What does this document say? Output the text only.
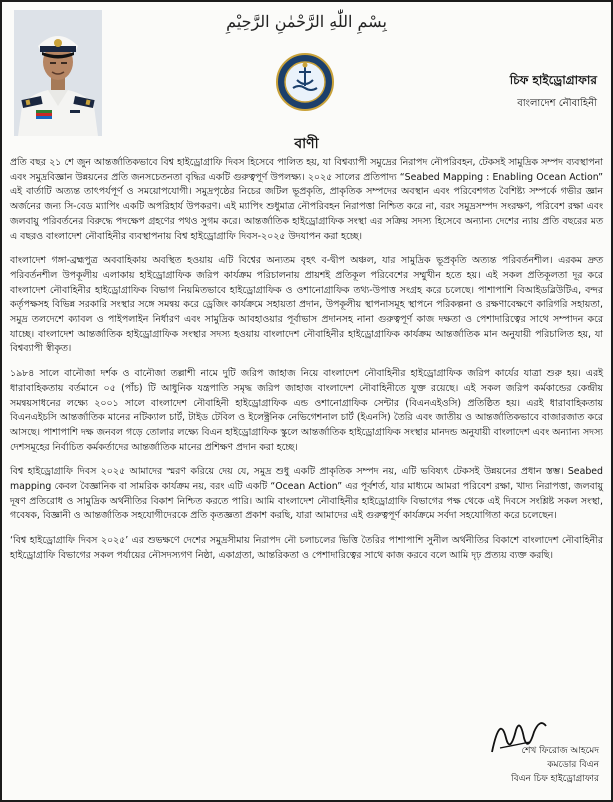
بِسْمِ اللّٰهِ الرَّحْمٰنِ الرَّحِيْمِ
চিফ হাইড্রোগ্রাফার
বাংলাদেশ নৌবাহিনী
বাণী

প্রতি বছর ২১ শে জুন আন্তর্জাতিকভাবে বিশ্ব হাইড্রোগ্রাফি দিবস হিসেবে পালিত হয়, যা বিশ্বব্যাপী সমুদ্রের নিরাপদ নৌপরিবহন, টেকসই সামুদ্রিক সম্পদ ব্যবস্থাপনা এবং সমুদ্রবিজ্ঞান উন্নয়নের প্রতি জনসচেতনতা বৃদ্ধির একটি গুরুত্বপূর্ণ উপলক্ষ্য। ২০২৫ সালের প্রতিপাদ্য “Seabed Mapping : Enabling Ocean Action” এই বার্তাটি অত্যন্ত তাৎপর্যপূর্ণ ও সময়োপযোগী। সমুদ্রপৃষ্ঠের নিচের জটিল ভূপ্রকৃতি, প্রাকৃতিক সম্পদের অবস্থান এবং পরিবেশগত বৈশিষ্ট্য সম্পর্কে গভীর জ্ঞান অর্জনের জন্য সি-বেড ম্যাপিং একটি অপরিহার্য উপকরণ। এই ম্যাপিং শুধুমাত্র নৌপরিবহন নিরাপত্তা নিশ্চিত করে না, বরং সমুদ্রসম্পদ সংরক্ষণ, পরিবেশ রক্ষা এবং জলবায়ু পরিবর্তনের বিরুদ্ধে পদক্ষেপ গ্রহণের পথও সুগম করে। আন্তর্জাতিক হাইড্রোগ্রাফিক সংস্থা এর সক্রিয় সদস্য হিসেবে অন্যান্য দেশের ন্যায় প্রতি বছরের মত এ বছরও বাংলাদেশ নৌবাহিনীর ব্যবস্থাপনায় বিশ্ব হাইড্রোগ্রাফি দিবস-২০২৫ উদযাপন করা হচ্ছে।

বাংলাদেশ গঙ্গা-ব্রহ্মপুত্র অববাহিকায় অবস্থিত হওয়ায় এটি বিশ্বের অন্যতম বৃহৎ ব-দ্বীপ অঞ্চল, যার সামুদ্রিক ভূপ্রকৃতি অত্যন্ত পরিবর্তনশীল। এরকম দ্রুত পরিবর্তনশীল উপকূলীয় এলাকায় হাইড্রোগ্রাফিক জরিপ কার্যক্রম পরিচালনায় প্রায়শই প্রতিকূল পরিবেশের সম্মুখীন হতে হয়। এই সকল প্রতিকূলতা দূর করে বাংলাদেশ নৌবাহিনীর হাইড্রোগ্রাফিক বিভাগ নিয়মিতভাবে হাইড্রোগ্রাফিক ও ওশানোগ্রাফিক তথ্য-উপাত্ত সংগ্রহ করে চলেছে। পাশাপাশি বিআইডব্লিউটিএ, বন্দর কর্তৃপক্ষসহ বিভিন্ন সরকারি সংস্থার সঙ্গে সমন্বয় করে ড্রেজিং কার্যক্রমে সহায়তা প্রদান, উপকূলীয় স্থাপনাসমূহ স্থাপনে পরিকল্পনা ও রক্ষণাবেক্ষণে কারিগরি সহায়তা, সমুদ্র তলদেশে ক্যাবল ও পাইপলাইন নির্ধারণ এবং সামুদ্রিক আবহাওয়ার পূর্বাভাস প্রদানসহ নানা গুরুত্বপূর্ণ কাজ দক্ষতা ও পেশাদারিত্বের সাথে সম্পাদন করে যাচ্ছে। বাংলাদেশ আন্তর্জাতিক হাইড্রোগ্রাফিক সংস্থার সদস্য হওয়ায় বাংলাদেশ নৌবাহিনীর হাইড্রোগ্রাফিক কার্যক্রম আন্তর্জাতিক মান অনুযায়ী পরিচালিত হয়, যা বিশ্বব্যাপী স্বীকৃত।

১৯৮৪ সালে বানৌজা দর্শক ও বানৌজা তল্লাশী নামে দুটি জরিপ জাহাজ নিয়ে বাংলাদেশ নৌবাহিনীর হাইড্রোগ্রাফিক জরিপ কার্যের যাত্রা শুরু হয়। এরই ধারাবাহিকতায় বর্তমানে ০৫ (পাঁচ) টি আধুনিক যন্ত্রপাতি সমৃদ্ধ জরিপ জাহাজ বাংলাদেশ নৌবাহিনীতে যুক্ত রয়েছে। এই সকল জরিপ কর্মকান্ডের কেন্দ্রীয় সমন্বয়সাধনের লক্ষ্যে ২০০১ সালে বাংলাদেশ নৌবাহিনী হাইড্রোগ্রাফিক এন্ড ওশানোগ্রাফিক সেন্টার (বিএনএইওসি) প্রতিষ্ঠিত হয়। এরই ধারাবাহিকতায় বিএনএইচসি আন্তর্জাতিক মানের নটিক্যাল চার্ট, টাইড টেবিল ও ইলেক্ট্রনিক নেভিগেশনাল চার্ট (ইএনসি) তৈরি এবং জাতীয় ও আন্তর্জাতিকভাবে বাজারজাত করে আসছে। পাশাপাশি দক্ষ জনবল গড়ে তোলার লক্ষ্যে বিএন হাইড্রোগ্রাফিক স্কুলে আন্তর্জাতিক হাইড্রোগ্রাফিক সংস্থার মানদন্ড অনুযায়ী বাংলাদেশ এবং অন্যান্য সদস্য দেশসমূহের নির্বাচিত কর্মকর্তাদের আন্তর্জাতিক মানের প্রশিক্ষণ প্রদান করা হচ্ছে।

বিশ্ব হাইড্রোগ্রাফি দিবস ২০২৫ আমাদের স্মরণ করিয়ে দেয় যে, সমুদ্র শুধু একটি প্রাকৃতিক সম্পদ নয়, এটি ভবিষ্যৎ টেকসই উন্নয়নের প্রধান স্তম্ভ। Seabed mapping কেবল বৈজ্ঞানিক বা সামরিক কার্যক্রম নয়, বরং এটি একটি “Ocean Action” এর পূর্বশর্ত, যার মাধ্যমে আমরা পরিবেশ রক্ষা, খাদ্য নিরাপত্তা, জলবায়ু দূষণ প্রতিরোধ ও সামুদ্রিক অর্থনীতির বিকাশ নিশ্চিত করতে পারি। আমি বাংলাদেশ নৌবাহিনীর হাইড্রোগ্রাফি বিভাগের পক্ষ থেকে এই দিবসে সংশ্লিষ্ট সকল সংস্থা, গবেষক, বিজ্ঞানী ও আন্তর্জাতিক সহযোগীদেরকে প্রতি কৃতজ্ঞতা প্রকাশ করছি, যারা আমাদের এই গুরুত্বপূর্ণ কার্যক্রমে সর্বদা সহযোগিতা করে চলেছেন।

‘বিশ্ব হাইড্রোগ্রাফি দিবস ২০২৫’ এর শুভক্ষণে দেশের সমুদ্রসীমায় নিরাপদ নৌ চলাচলের ভিত্তি তৈরির পাশাপাশি সুনীল অর্থনীতির বিকাশে বাংলাদেশ নৌবাহিনীর হাইড্রোগ্রাফি বিভাগের সকল পর্যায়ের নৌসদস্যগণ নিষ্ঠা, একাগ্রতা, আন্তরিকতা ও পেশাদারিত্বের সাথে কাজ করবে বলে আমি দৃঢ় প্রত্যয় ব্যক্ত করছি।

শেখ ফিরোজ আহমেদ
কমডোর বিএন
বিএন চিফ হাইড্রোগ্রাফার
